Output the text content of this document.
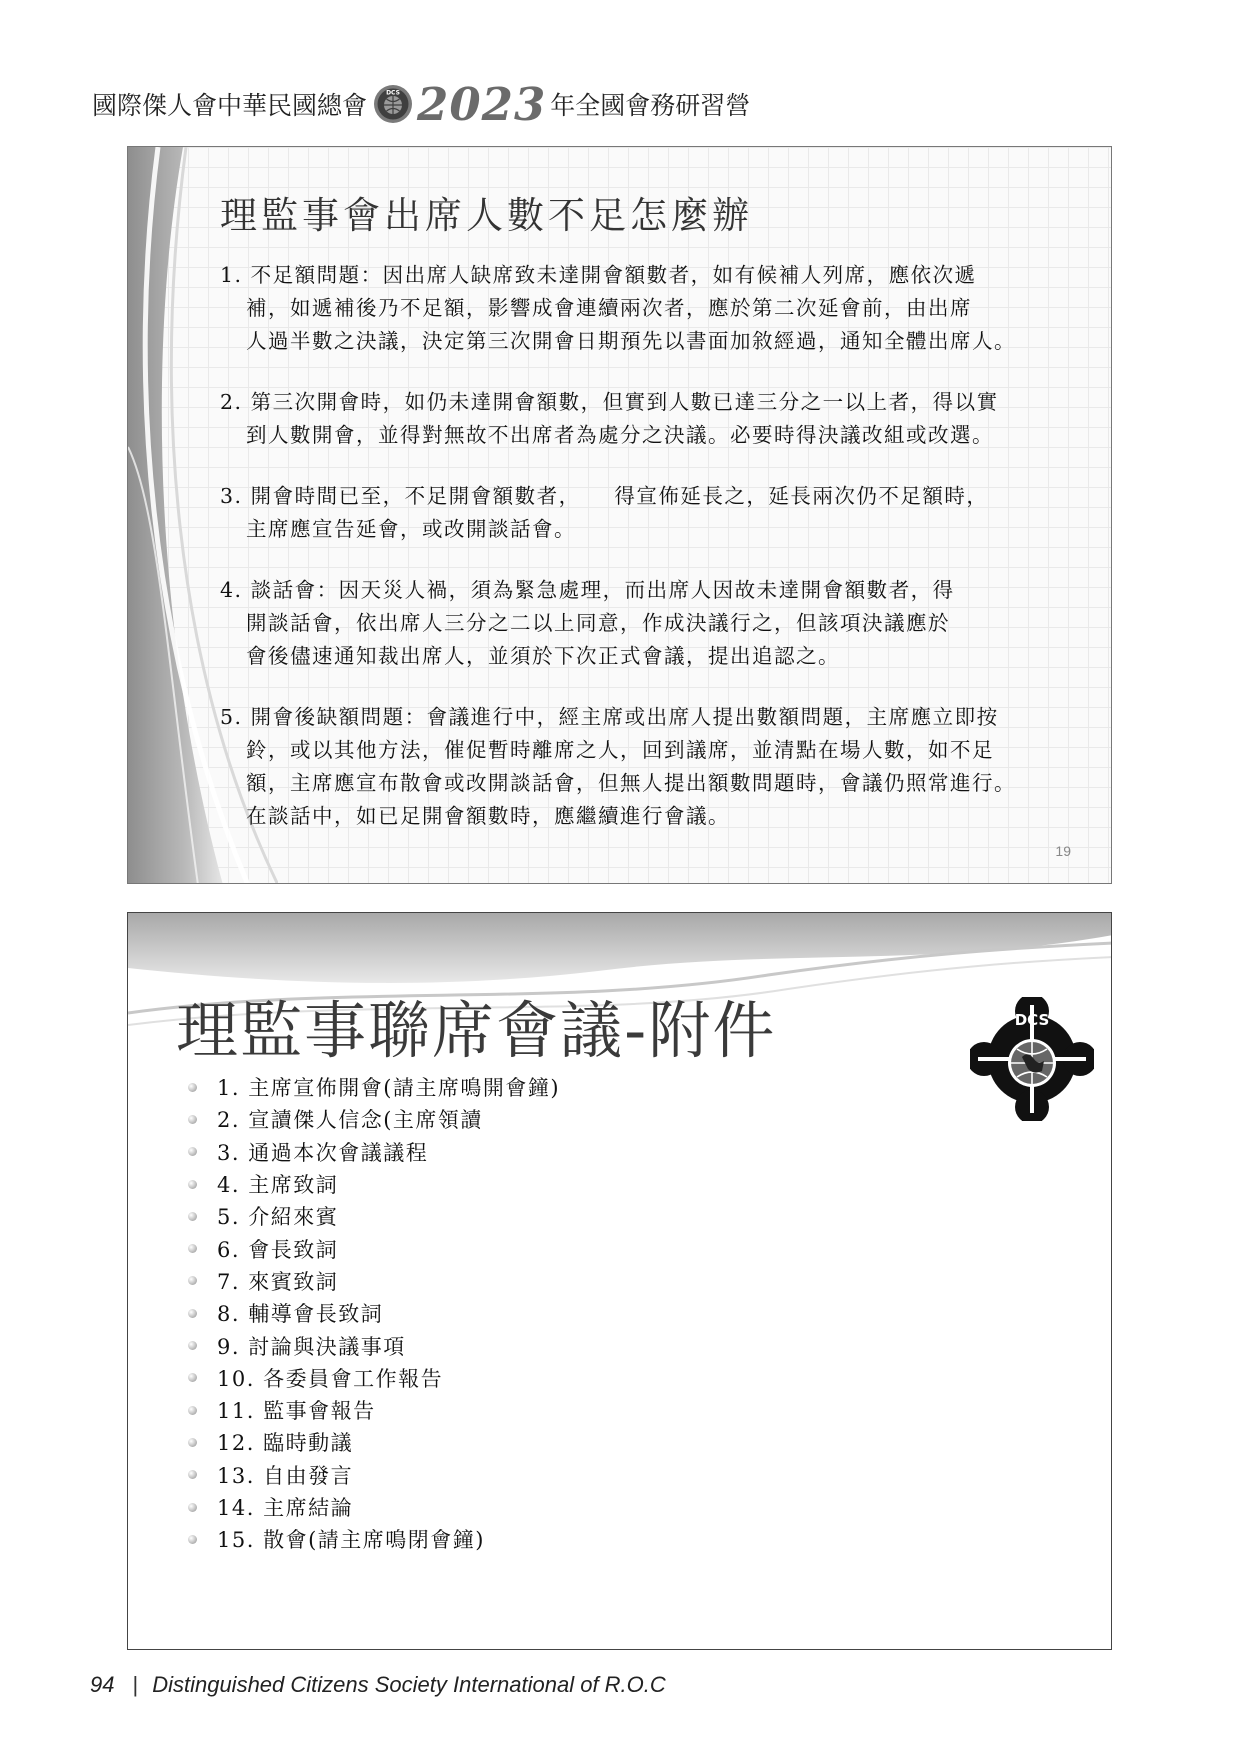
國際傑人會中華民國總會	DCS 2023 年全國會務研習營
理監事會出席人數不足怎麼辦
1. 不足額問題：因出席人缺席致未達開會額數者，如有候補人列席，應依次遞
補，如遞補後乃不足額，影響成會連續兩次者，應於第二次延會前，由出席
人過半數之決議，決定第三次開會日期預先以書面加敘經過，通知全體出席人。
2. 第三次開會時，如仍未達開會額數，但實到人數已達三分之一以上者，得以實
到人數開會，並得對無故不出席者為處分之決議。必要時得決議改組或改選。
3. 開會時間已至，不足開會額數者，　　得宣佈延長之，延長兩次仍不足額時，
主席應宣告延會，或改開談話會。
4. 談話會：因天災人禍，須為緊急處理，而出席人因故未達開會額數者，得
開談話會，依出席人三分之二以上同意，作成決議行之，但該項決議應於
會後儘速通知裁出席人，並須於下次正式會議，提出追認之。
5. 開會後缺額問題：會議進行中，經主席或出席人提出數額問題，主席應立即按
鈴，或以其他方法，催促暫時離席之人，回到議席，並清點在場人數，如不足
額，主席應宣布散會或改開談話會，但無人提出額數問題時，會議仍照常進行。
在談話中，如已足開會額數時，應繼續進行會議。
19
理監事聯席會議-附件	DCS
1. 主席宣佈開會(請主席鳴開會鐘)
2. 宣讀傑人信念(主席領讀
3. 通過本次會議議程
4. 主席致詞
5. 介紹來賓
6. 會長致詞
7. 來賓致詞
8. 輔導會長致詞
9. 討論與決議事項
10. 各委員會工作報告
11. 監事會報告
12. 臨時動議
13. 自由發言
14. 主席結論
15. 散會(請主席鳴閉會鐘)
94 | Distinguished Citizens Society International of R.O.C
